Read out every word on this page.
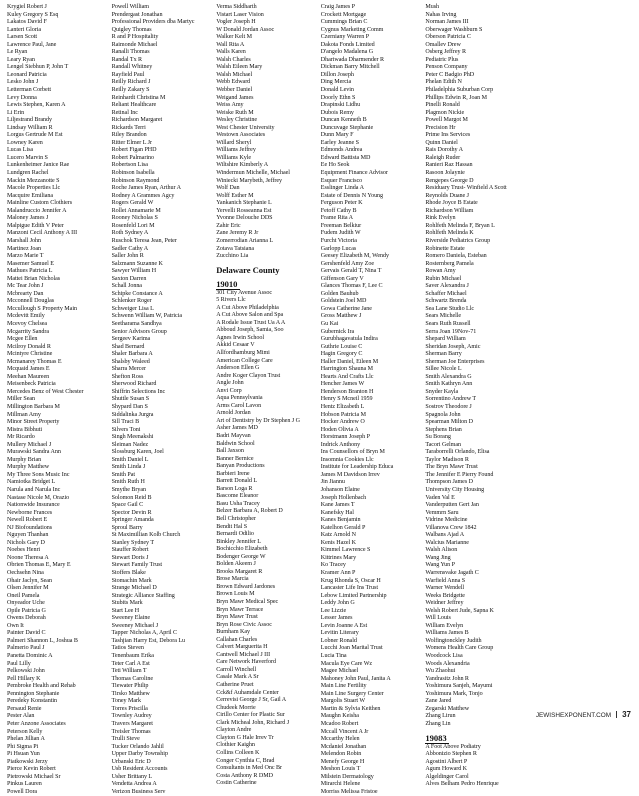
Krygiel Robert J
Kuley Gregory S Esq
Lakatos David F
Lanteri Gloria
Larsen Scott
Lawrence Paul, Jane
Le Ryan
Leary Ryan
Lengel Siebhun P, John T
Leonard Patricia
Lesko John J
Letterman Corbett
Levy Donna
Lewis Stephen, Karen A
Li Erin
Liljestrand Brandy
Lindsay William R
Lorgus Gertrude M Est
Lowney Karen
Lucas Lisa
Lucero Marvin S
Lunkenheimer Janice Rae
Lundgren Rachel
Mackin Mezzanotte S
Macole Properties Llc
Macquire Emiliana
Mainline Custom Clothiers
Malandruccio Jennifer A
Maloney James J
Malpigue Edith V Peter
Manzoni Cecil Anthony A III
Marshall John
Martinez Joan
Marzo Marie T
Masemer Samuel E
Mathues Patricia L
Mattei Brian Nicholas
Mc Tear John J
Mcbrearty Dan
Mcconnell Douglas
Mccullough S Property Main
Mcdevitt Emily
Mcevoy Chelsea
Mcgarrity Sandra
Mcgee Ellen
Mcilroy Donald R
Mcintyre Christine
Mcmanarey Thomas E
Mcquaid James E
Meehan Maureen
Meisenbeck Patricia
Mercedes Benz of West Chester
Miller Sean
Millington Barbara M
Millman Amy
Minor Street Property
Mistra Bibhuti
Mr Ricardo
Mullery Michael J
Murawski Sandra Ann
Murphy Brian
Murphy Matthew
My Three Sons Music Inc
Namiotka Bridget L
Narula and Narula Inc
Nastase Nicole M, Orazio
Nationwide Insurance
Newborne Frances
Newell Robert E
NJ Biofoundations
Nguyen Thanhan
Nichols Gary D
Noebes Henri
Noone Theresa A
Obrien Thomas E, Mary E
Oechsehn Nina
Ohair Jaclyn, Sean
Olsen Jennifer M
Oneil Pamela
Onyeador Uche
Opile Patricia G
Owens Deborah
Own It
Painter David C
Palmeri Shannon L, Joshua B
Palmerio Paul J
Panetta Dominic A
Paul Lilly
Pelkowski John
Pell Hillary K
Pembroke Health and Rehab
Pennington Stephanie
Peredeky Konstantin
Persaud Renie
Pester Alan
Peter Anzone Associates
Peterson Kelly
Phelan Jillian A
Phi Sigma Pi
Pi Hsuan Yun
Piatkowski Jerzy
Pierce Kevin Robert
Pietrowski Michael Sr
Pinkus Lauren
Powell Dora
Powell William
Prendergast Jonathan
Professional Providers dba Martyc
Quigley Thomas
R and P Hospitality
Raimonde Michael
Ranalli Thomas
Randal Tx R
Randall Whitney
Rayfield Paul
Reilly Richard J
Reilly Zakary S
Reinhardt Christina M
Reliant Healthcare
Retinal Inc
Richardson Margaret
Rickards Terri
Riley Brandon
Ritter Elmer L Jr
Robert Figan PHD
Robert Palmarino
Robertson Lisa
Robinson Isabella
Robinson Raymond
Roche James Ryan, Arthur A
Rodney A Grammes Agcy
Rogers Gerald W
Rollet Annamarie M
Rooney Nicholas S
Rosenfeld Lori M
Roth Sydney A
Ruschok Teresa Jean, Peter
Sadler Cathy A
Saller John R
Salzmann Suzanne K
Sawyer William H
Saxton Darren
Schall Jonna
Schipke Constance A
Schlenker Roger
Schweiger Lisa L
Schwenn William W, Patricia
Seetharama Sandhya
Senior Advisors Group
Sergeev Karima
Shad Bernard
Shaler Barbara A
Shalsby Waleed
Sharra Mercer
Shefton Ross
Sherwood Richard
Shiffrin Selections Inc
Shuttle Susan S
Shypard Dan S
Siddalinka Jurgra
Sill Traci B
Silvers Toni
Singh Meenakshi
Sleiman Nadez
Slossburg Karen, Joel
Smith Daniel L
Smith Linda J
Smith Pat
Smith Ruth H
Smythe Bryan
Solomon Reid B
Space Gail C
Spector Devin R
Springer Amanda
Sproul Barry
St Maximillian Kolb Church
Stanley Sydney T
Stauffer Robert
Stewart Doris J
Stewart Family Trust
Stoffers Blake
Stomachin Mark
Strange Michael D
Strategic Alliance Staffing
Stubits Mark
Start Lee H
Sweeney Elaine
Sweeney Michael J
Tapper Nicholas A, April C
Tashjian Harry Est, Debora Lu
Tatios Steven
Tenenbaum Erika
Teter Carl A Est
Teti William T
Thomas Caroline
Tiewater Philip
Tirsko Matthew
Toney Mark
Torres Priscilla
Townley Audrey
Travers Margaret
Treisler Thomas
Trulli Steve
Tucker Orlando Jahlil
Upper Darby Township
Urbanski Eric D
Usb Resident Accounts
Usher Brittany L
Vendetta Andrea A
Verizon Business Serv
Verma Siddharth
Vistart Laser Vision
Vogler Joseph H
W Donald Jordan Assoc
Walker Kelt M
Wall Rita A
Walls Karen
Walsh Charles
Walsh Eileen Mary
Walsh Michael
Webb Edward
Webber Daniel
Weigand James
Weiss Amy
Weiske Ruth M
Wesley Christine
West Chester University
Westown Associates
Willard Sheryl
Williams Jeffrey
Williams Kyle
Wiltshire Kimberly A
Windermun Michelle, Michael
Winiecki Marybeth, Jeffrey
Wolf Dan
Wolff Esther M
Yankanich Stephanie L
Yervelli Rosseanna Est
Yvonne Delouche DDS
Zahir Eric
Zane Jeremy R Jr
Zomerrodian Arianna L
Zotava Tatsiana
Zucchino Lia
Delaware County
19010
301 City Avenue Assoc
5 Rivers Llc
A Cut Above Philadelphia
A Cut Above Salon and Spa
A Rodale Issue Trust Ua A A
Abboud Joseph, Samia, Soo
Agnes Irwin School
Akkid Cesaar V
Allfordhamburg Mimi
American College Care
Anderson Ellen G
Andre Koger Clayon Trust
Angle John
Anvi Corp
Aqua Pennsylvania
Arms Carol Lavon
Arnold Jordan
Art of Dentistry by Dr Stephen J G
Asher James MD
Badri Mayvan
Baldwin School
Ball Jaxson
Banner Bernice
Banyan Productions
Barbieri Irene
Barrett Donald L
Barson Loga R
Bascome Eleanor
Basu Usha Tracey
Belzer Barbara A, Robert D
Bell Christopher
Bendit Hal S
Bernardi Odilio
Binkley Jennifer L
Bochicchio Elizabeth
Bodenger George W
Bolden Akeem J
Brooks Margaret R
Brose Marcia
Brown Edward Jardones
Brown Louis M
Bryn Mawr Medical Spec
Bryn Mawr Terrace
Bryn Mawr Trust
Bryn Rose Civic Assoc
Burnham Kay
Callahan Charles
Calvert Marguerita H
Cantwell Michael J III
Care Network Haverford
Carroll Winchell
Casale Mark A Sr
Catherine Pruet
Cck&f Auhamdale Center
Cerrevisi George J Sr, Gail A
Chudeek Morrie
Cirillo Center for Plastic Sur
Clark Micheal John, Richard J
Clayton Andre
Clayton G Hale Irrev Tr
Clothier Kaighn
Collins Colleen K
Conger Cynthia C, Brad
Consultants in Med Onc Br
Costa Anthony R DMD
Costin Catherine
Craig James P
Crockett Mortgage
Cummings Brian C
Cygnus Marketing Comm
Czerniany Warren P
Dakota Fonds Limited
D'angelo Madalena G
Dhariwada Dharmender R
Dickman Barry Mitchell
Dillon Joseph
Ding Mercia
Donald Levin
Doorly Ethn S
Drapinski Lidhu
Dubois Remy
Duncan Kenneth B
Duncuvage Stephanie
Dunn Mary F
Earley Jeanne S
Edmonds Andrea
Edward Battista MD
Ee Ho Seok
Equipment Finance Advisor
Esquer Francisco
Esslinger Linda A
Estate of Dennis N Young
Ferguson Peter K
Fetoff Cathy B
Frame Rita A
Freeman Belkiur
Fudem Judith W
Furcht Victoria
Garlopp Lucas
Geesey Elizabeth M, Wendy
Gershenfeld Amy Zoe
Gervais Gerald T, Nina T
Giffenson Gary V
Glances Thomas F, Lee C
Golden Bauhub
Goldstein Joel MD
Gowa Catherine Jane
Gross Matthew J
Gu Kai
Gubernick Ira
Gurubhagavatula Indira
Guthrie Louise C
Hagin Gregory C
Haller Daniel, Eileen M
Harrington Shauna M
Hearts And Crafts Llc
Hencher James W
Henderson Branton H
Henry S Mcneil 1959
Hentz Elizabeth L
Hobson Patricia M
Hocker Andrew O
Hoden Olivia A
Horstmann Joseph P
Indrick Anthony
Ins Counsellors of Bryn M
Insomnia Cookies Llc
Institute for Leadership Educa
James M Davidson Irrev
Jin Jiannu
Johanson Elaine
Joseph Hollenbach
Kane James T
Kanefsky Hal
Kanes Benjamin
Katelhon Gerald P
Katz Arnold N
Kenis Hazel K
Kimmel Lawrence S
Kittrines Mary
Ko Tracey
Kramer Ann P
Krug Rhonda S, Oscar H
Lancaster Life Ins Trust
Lebow Limited Partnership
Leddy John G
Lee Lizzie
Lesser James
Levin Joanne A Est
Levitin Literary
Lobner Ronald
Lucchi Joan Marital Trust
Lucia Tina
Macula Eye Care Wz
Magee Michael
Mahoney John Paul, Janita A
Main Line Fertility
Main Line Surgery Center
Margolis Stuart W
Martin & Sylvia Keithen
Maughn Keisha
Mcadoo Robert
Mccall Vincent A Jr
Mccarthy Helen
Mcdaniel Jonathan
Melendon Robin
Menefy George H
Meshon Louis T
Milstein Dermatology
Mirarchi Helene
Morriss Melissa Fristoe
Mush
Nahas Irving
Norman James III
Oberwager Washburn S
Oberson Patricia C
Omallev Drew
Osberg Jeffrey R
Pediatric Plus
Penson Company
Peter C Badgio PhD
Phelan Edith N
Philadelphia Suburban Corp
Phillips Edwin R, Joan M
Pinelli Ronald
Plagmon Nickie
Powell Margot M
Precision Hr
Prime Ins Services
Quinn Daniel
Rais Dorothy A
Raleigh Ruder
Ranieri Raz Hassan
Rasoon Jolaynie
Rengepes George D
Residuary Trust- Winfield A Scott
Reynolds Duane J
Rhode Joyce B Estate
Richardson William
Rink Evelyn
Rohlfeth Melinda F, Bryan L
Rohlfeth Melinda K
Riverside Pediatrics Group
Robinette Estate
Romero Daniela, Esteban
Rosternberg Pamela
Rowan Amy
Rubin Michael
Saver Alexandra J
Schaffer Michael
Schwartz Brenda
Sea Lane Studio Llc
Sears Michelle
Sears Ruth Russell
Serra Joan 19Nov-71
Shepard William
Sheridan Joseph, Amic
Sherman Barry
Sherman Joe Enterprises
Sillee Nicole L
Smith Alexandra G
Smith Kathryn Ann
Snyder Kayla
Sorrentino Andrew T
Sostrov Theodore J
Spagnola John
Spearman Milton D
Stephens Brian
Su Borang
Tacori Gelman
Taraborrelli Orlando, Elisa
Taylor Madison R
The Bryn Mawr Trust
The Jennifer E Pierry Found
Thompson James D
University City Housing
Vaden Val E
Vanderputten Gert Jan
Vemmrn Saru
Vidrine Medicine
Villanova Crew 1842
Walbans Ajad A
Walcius Marianne
Walsh Alison
Wang Jing
Wang Yun P
Warrensvake Jagath C
Warfield Anna S
Warner Wendell
Weeks Bridgette
Weidner Jeffrey
Welsh Robert Jude, Sapna K
Will Louis
William Evelyn
Williams James B
Wolfingtonckley Judith
Womens Health Care Group
Woodcock Lisa
Woods Alexandria
Wu Zhaohui
Yandrasitz John R
Yoshimura Sanjeh, Mayumi
Yoshimura Mark, Tonjo
Zane Jared
Zegarski Matthew
Zhang Lirun
Zhang Lin
19083
A Foot Above Podiatry
Abbonizio Stephen R
Agostini Albert P
Agum Howard K
Algeldinger Carol
Alves Belham Pedro Henrique
JEWISHEXPONENT.COM 37
